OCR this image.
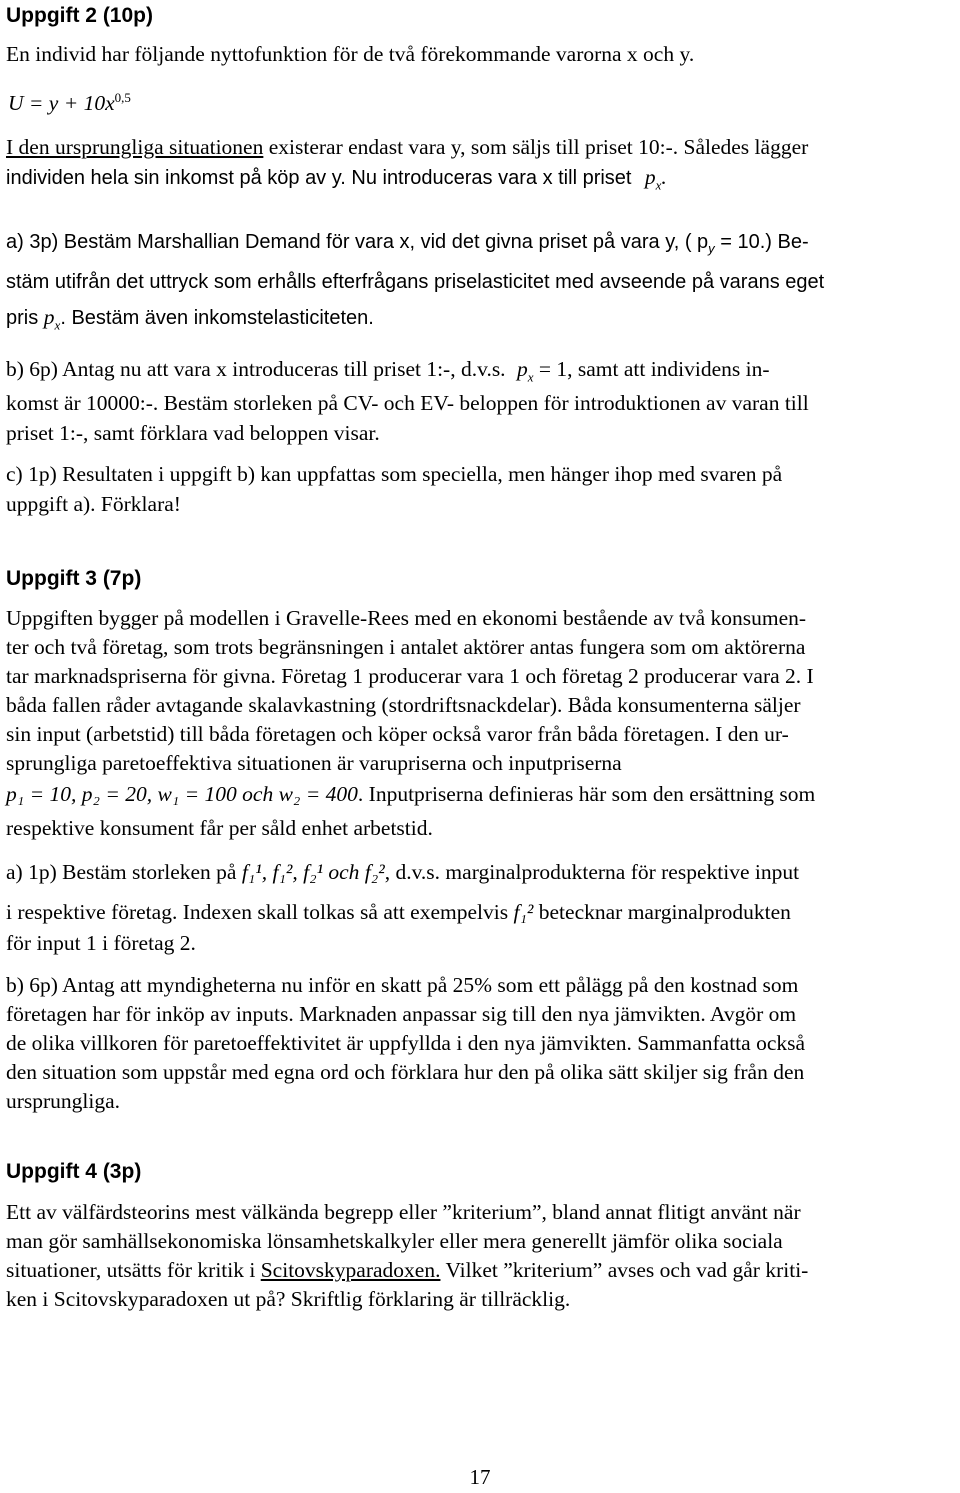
Uppgift 2 (10p)

En individ har följande nyttofunktion för de två förekommande varorna x och y.

$U = y + 10x^{0,5}$

I den ursprungliga situationen existerar endast vara y, som säljs till priset 10:-. Således lägger

individen hela sin inkomst på köp av y. Nu introduceras vara x till priset $p_x$.

a) 3p) Bestäm Marshallian Demand för vara x, vid det givna priset på vara y, ( $p_y = 10$.) Be-

stäm utifrån det uttryck som erhålls efterfrågans priselasticitet med avseende på varans eget

pris $p_x$. Bestäm även inkomstelasticiteten.

b) 6p) Antag nu att vara x introduceras till priset 1:-, d.v.s. $p_x = 1$, samt att individens in-

komst är 10000:-. Bestäm storleken på CV- och EV- beloppen för introduktionen av varan till

priset 1:-, samt förklara vad beloppen visar.

c) 1p) Resultaten i uppgift b) kan uppfattas som speciella, men hänger ihop med svaren på

uppgift a). Förklara!

Uppgift 3 (7p)

Uppgiften bygger på modellen i Gravelle-Rees med en ekonomi bestående av två konsumen-

ter och två företag, som trots begränsningen i antalet aktörer antas fungera som om aktörerna

tar marknadspriserna för givna. Företag 1 producerar vara 1 och företag 2 producerar vara 2. I

båda fallen råder avtagande skalavkastning (stordriftsnackdelar). Båda konsumenterna säljer

sin input (arbetstid) till båda företagen och köper också varor från båda företagen. I den ur-

sprungliga paretoeffektiva situationen är varupriserna och inputpriserna

p₁ = 10, p₂ = 20, w₁ = 100 och w₂ = 400. Inputpriserna definieras här som den ersättning som

respektive konsument får per såld enhet arbetstid.

a) 1p) Bestäm storleken på f₁¹, f₁², f₂¹ och f₂², d.v.s. marginalprodukterna för respektive input

i respektive företag. Indexen skall tolkas så att exempelvis f₁² betecknar marginalprodukten

för input 1 i företag 2.

b) 6p) Antag att myndigheterna nu inför en skatt på 25% som ett pålägg på den kostnad som

företagen har för inköp av inputs. Marknaden anpassar sig till den nya jämvikten. Avgör om

de olika villkoren för paretoeffektivitet är uppfyllda i den nya jämvikten. Sammanfatta också

den situation som uppstår med egna ord och förklara hur den på olika sätt skiljer sig från den

ursprungliga.

Uppgift 4 (3p)

Ett av välfärdsteorins mest välkända begrepp eller ”kriterium”, bland annat flitigt använt när

man gör samhällsekonomiska lönsamhetskalkyler eller mera generellt jämför olika sociala

situationer, utsätts för kritik i Scitovskyparadoxen. Vilket ”kriterium” avses och vad går kriti-

ken i Scitovskyparadoxen ut på? Skriftlig förklaring är tillräcklig.

17
